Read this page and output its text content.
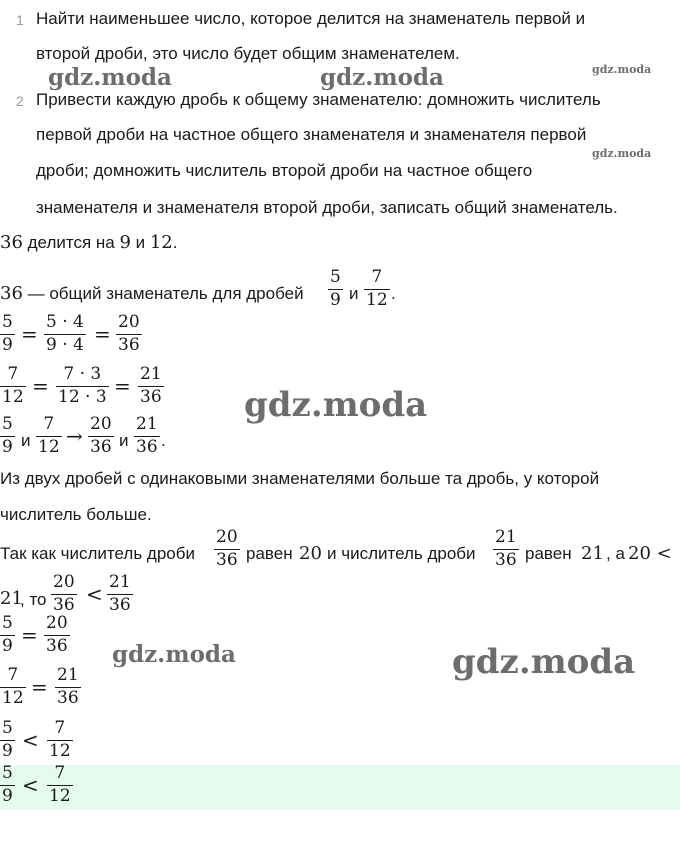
1 Найти наименьшее число, которое делится на знаменатель первой и
второй дроби, это число будет общим знаменателем.
2 Привести каждую дробь к общему знаменателю: домножить числитель
первой дроби на частное общего знаменателя и знаменателя первой
дроби; домножить числитель второй дроби на частное общего
знаменателя и знаменателя второй дроби, записать общий знаменатель.
36 делится на 9 и 12.
36 — общий знаменатель для дробей
5
9 и
7
12 .
5
9 = 5 · 4
9 · 4 = 20
36
7
12 = 7 · 3
12 · 3 = 21
36
5
9 и
7
12 → 20
36 и
21
36 .
Из двух дробей с одинаковыми знаменателями больше та дробь, у которой
числитель больше.
Так как числитель дроби
20
36 равен 20 и числитель дроби
21
36 равен 21 , а 20 <
21
, то
20
36 < 21
36
5
9 = 20
36
7
12 = 21
36
5
9 < 7
12
5
9 < 7
12
gdz.moda	gdz.moda	gdz.moda
gdz.moda
gdz.moda
gdz.moda	gdz.moda
